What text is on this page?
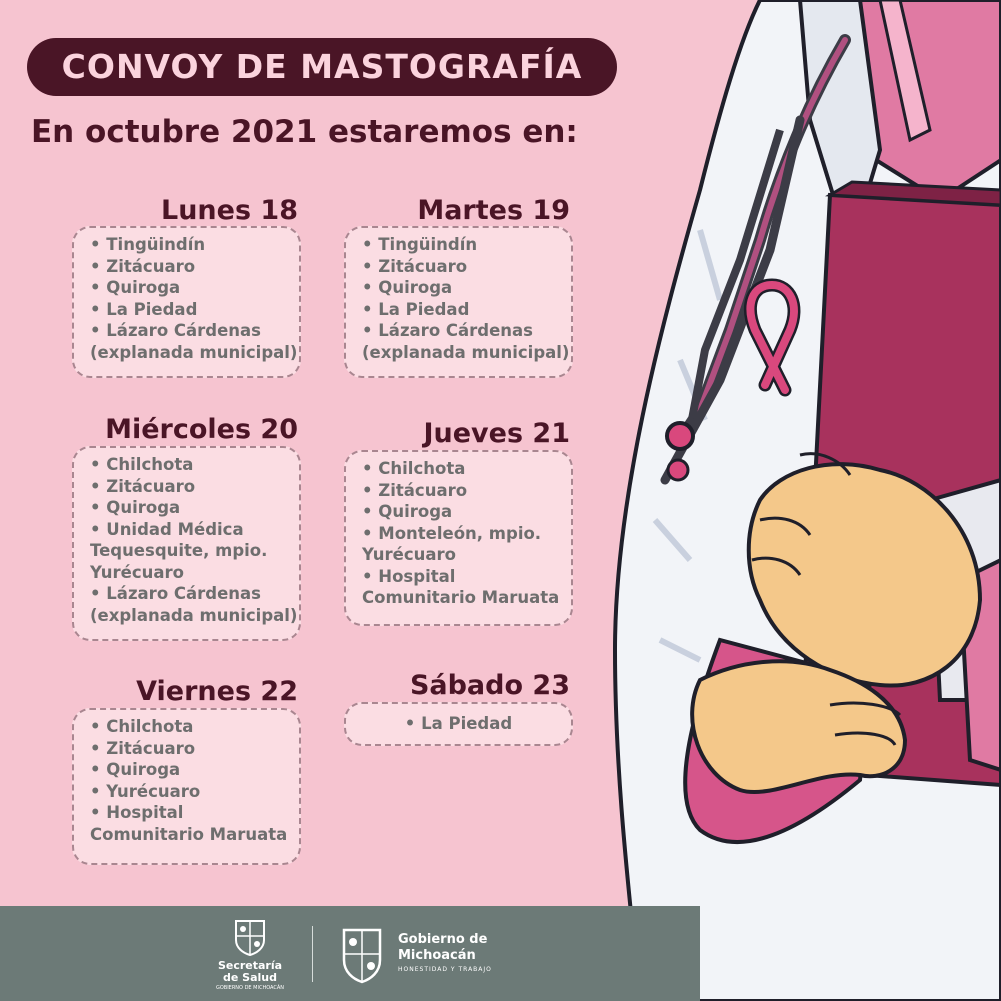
CONVOY DE MASTOGRAFÍA
En octubre 2021 estaremos en:
Lunes 18	Martes 19
Miércoles 20	Jueves 21
Viernes 22	Sábado 23
• Tingüindín
• Zitácuaro
• Quiroga
• La Piedad
• Lázaro Cárdenas
(explanada municipal)
• Tingüindín
• Zitácuaro
• Quiroga
• La Piedad
• Lázaro Cárdenas
(explanada municipal)
• Chilchota
• Zitácuaro
• Quiroga
• Unidad Médica
Tequesquite, mpio.
Yurécuaro
• Lázaro Cárdenas
(explanada municipal)
• Chilchota
• Zitácuaro
• Quiroga
• Monteleón, mpio.
Yurécuaro
• Hospital
Comunitario Maruata
• Chilchota
• Zitácuaro
• Quiroga
• Yurécuaro
• Hospital
Comunitario Maruata
• La Piedad
Secretaría
de Salud
GOBIERNO DE MICHOACÁN
Gobierno de
Michoacán
HONESTIDAD Y TRABAJO
